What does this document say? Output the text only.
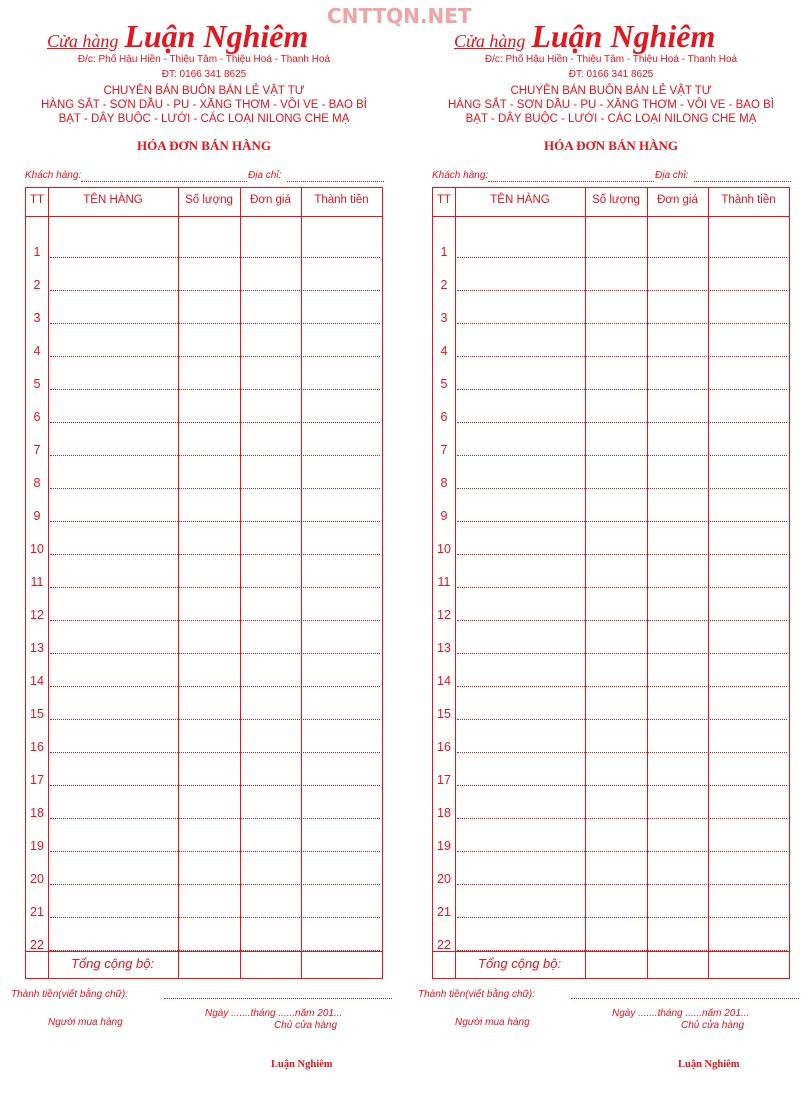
CNTTQN.NET
Cửa hàng Luận Nghiêm
Đ/c: Phố Hậu Hiền - Thiệu Tâm - Thiệu Hoá - Thanh Hoá
ĐT: 0166 341 8625
CHUYÊN BÁN BUÔN BÁN LẺ VẬT TƯ
HÀNG SẮT - SƠN DẦU - PU - XĂNG THƠM - VÔI VE - BAO BÌ
BẠT - DÂY BUỘC - LƯỚI - CÁC LOẠI NILONG CHE MẠ
HÓA ĐƠN BÁN HÀNG
Khách hàng:	Địa chỉ:
TT	TÊN HÀNG	Số lượng	Đơn giá	Thành tiền
1
2
3
4
5
6
7
8
9
10
11
12
13
14
15
16
17
18
19
20
21
22
Tổng cộng bộ:
Thành tiền(viết bằng chữ):
Ngày .......tháng ......năm 201...
Người mua hàng	Chủ cửa hàng
Luận Nghiêm
Cửa hàng Luận Nghiêm
Đ/c: Phố Hậu Hiền - Thiệu Tâm - Thiệu Hoá - Thanh Hoá
ĐT: 0166 341 8625
CHUYÊN BÁN BUÔN BÁN LẺ VẬT TƯ
HÀNG SẮT - SƠN DẦU - PU - XĂNG THƠM - VÔI VE - BAO BÌ
BẠT - DÂY BUỘC - LƯỚI - CÁC LOẠI NILONG CHE MẠ
HÓA ĐƠN BÁN HÀNG
Khách hàng:	Địa chỉ:
TT	TÊN HÀNG	Số lượng	Đơn giá	Thành tiền
1
2
3
4
5
6
7
8
9
10
11
12
13
14
15
16
17
18
19
20
21
22
Tổng cộng bộ:
Thành tiền(viết bằng chữ):
Ngày .......tháng ......năm 201...
Người mua hàng	Chủ cửa hàng
Luận Nghiêm
